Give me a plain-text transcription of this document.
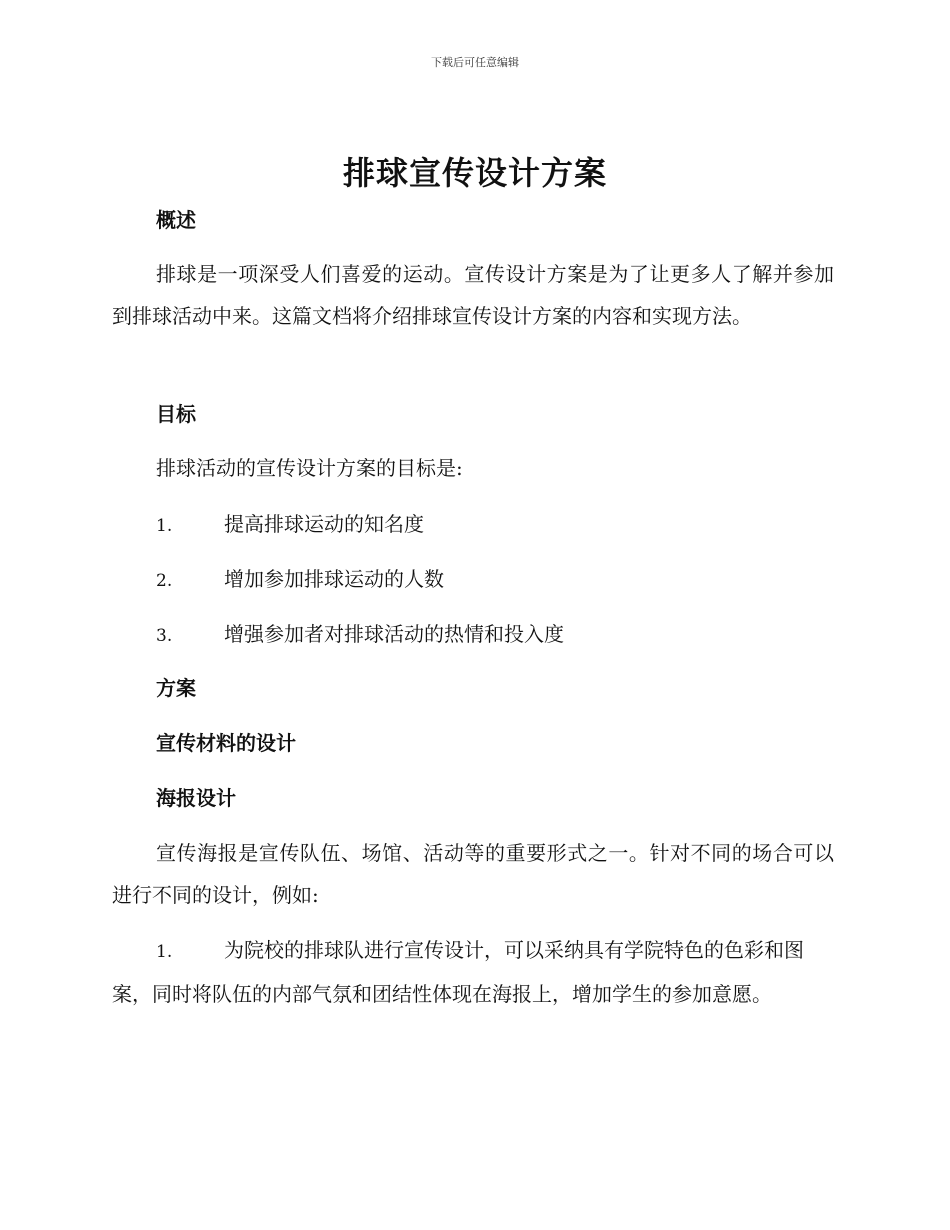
下载后可任意编辑
排球宣传设计方案
概述

排球是一项深受人们喜爱的运动。宣传设计方案是为了让更多人了解并参加到排球活动中来。这篇文档将介绍排球宣传设计方案的内容和实现方法。

目标

排球活动的宣传设计方案的目标是:

1.	提高排球运动的知名度
2.	增加参加排球运动的人数
3.	增强参加者对排球活动的热情和投入度
方案
宣传材料的设计
海报设计

宣传海报是宣传队伍、场馆、活动等的重要形式之一。针对不同的场合可以进行不同的设计，例如:

1.	为院校的排球队进行宣传设计，可以采纳具有学院特色的色彩和图案，同时将队伍的内部气氛和团结性体现在海报上，增加学生的参加意愿。
